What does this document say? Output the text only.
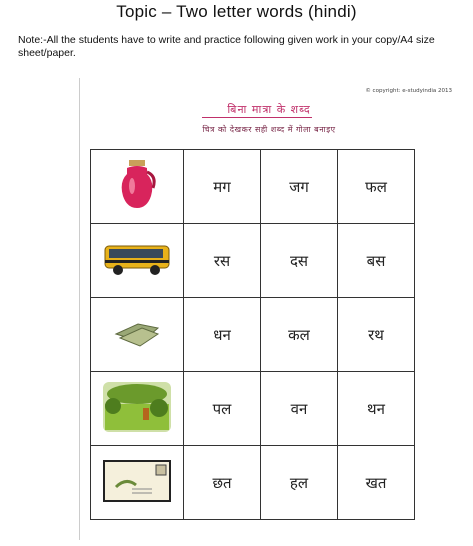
Topic – Two letter words (hindi)
Note:-All the students have to write and practice following given work in your copy/A4 size sheet/paper.
© copyright: e-studyindia 2013
बिना मात्रा के शब्द
चित्र को देखकर सही शब्द में गोला बनाइए
	मग	जग	फल
	रस	दस	बस
	धन	कल	रथ
	पल	वन	थन
	छत	हल	खत
